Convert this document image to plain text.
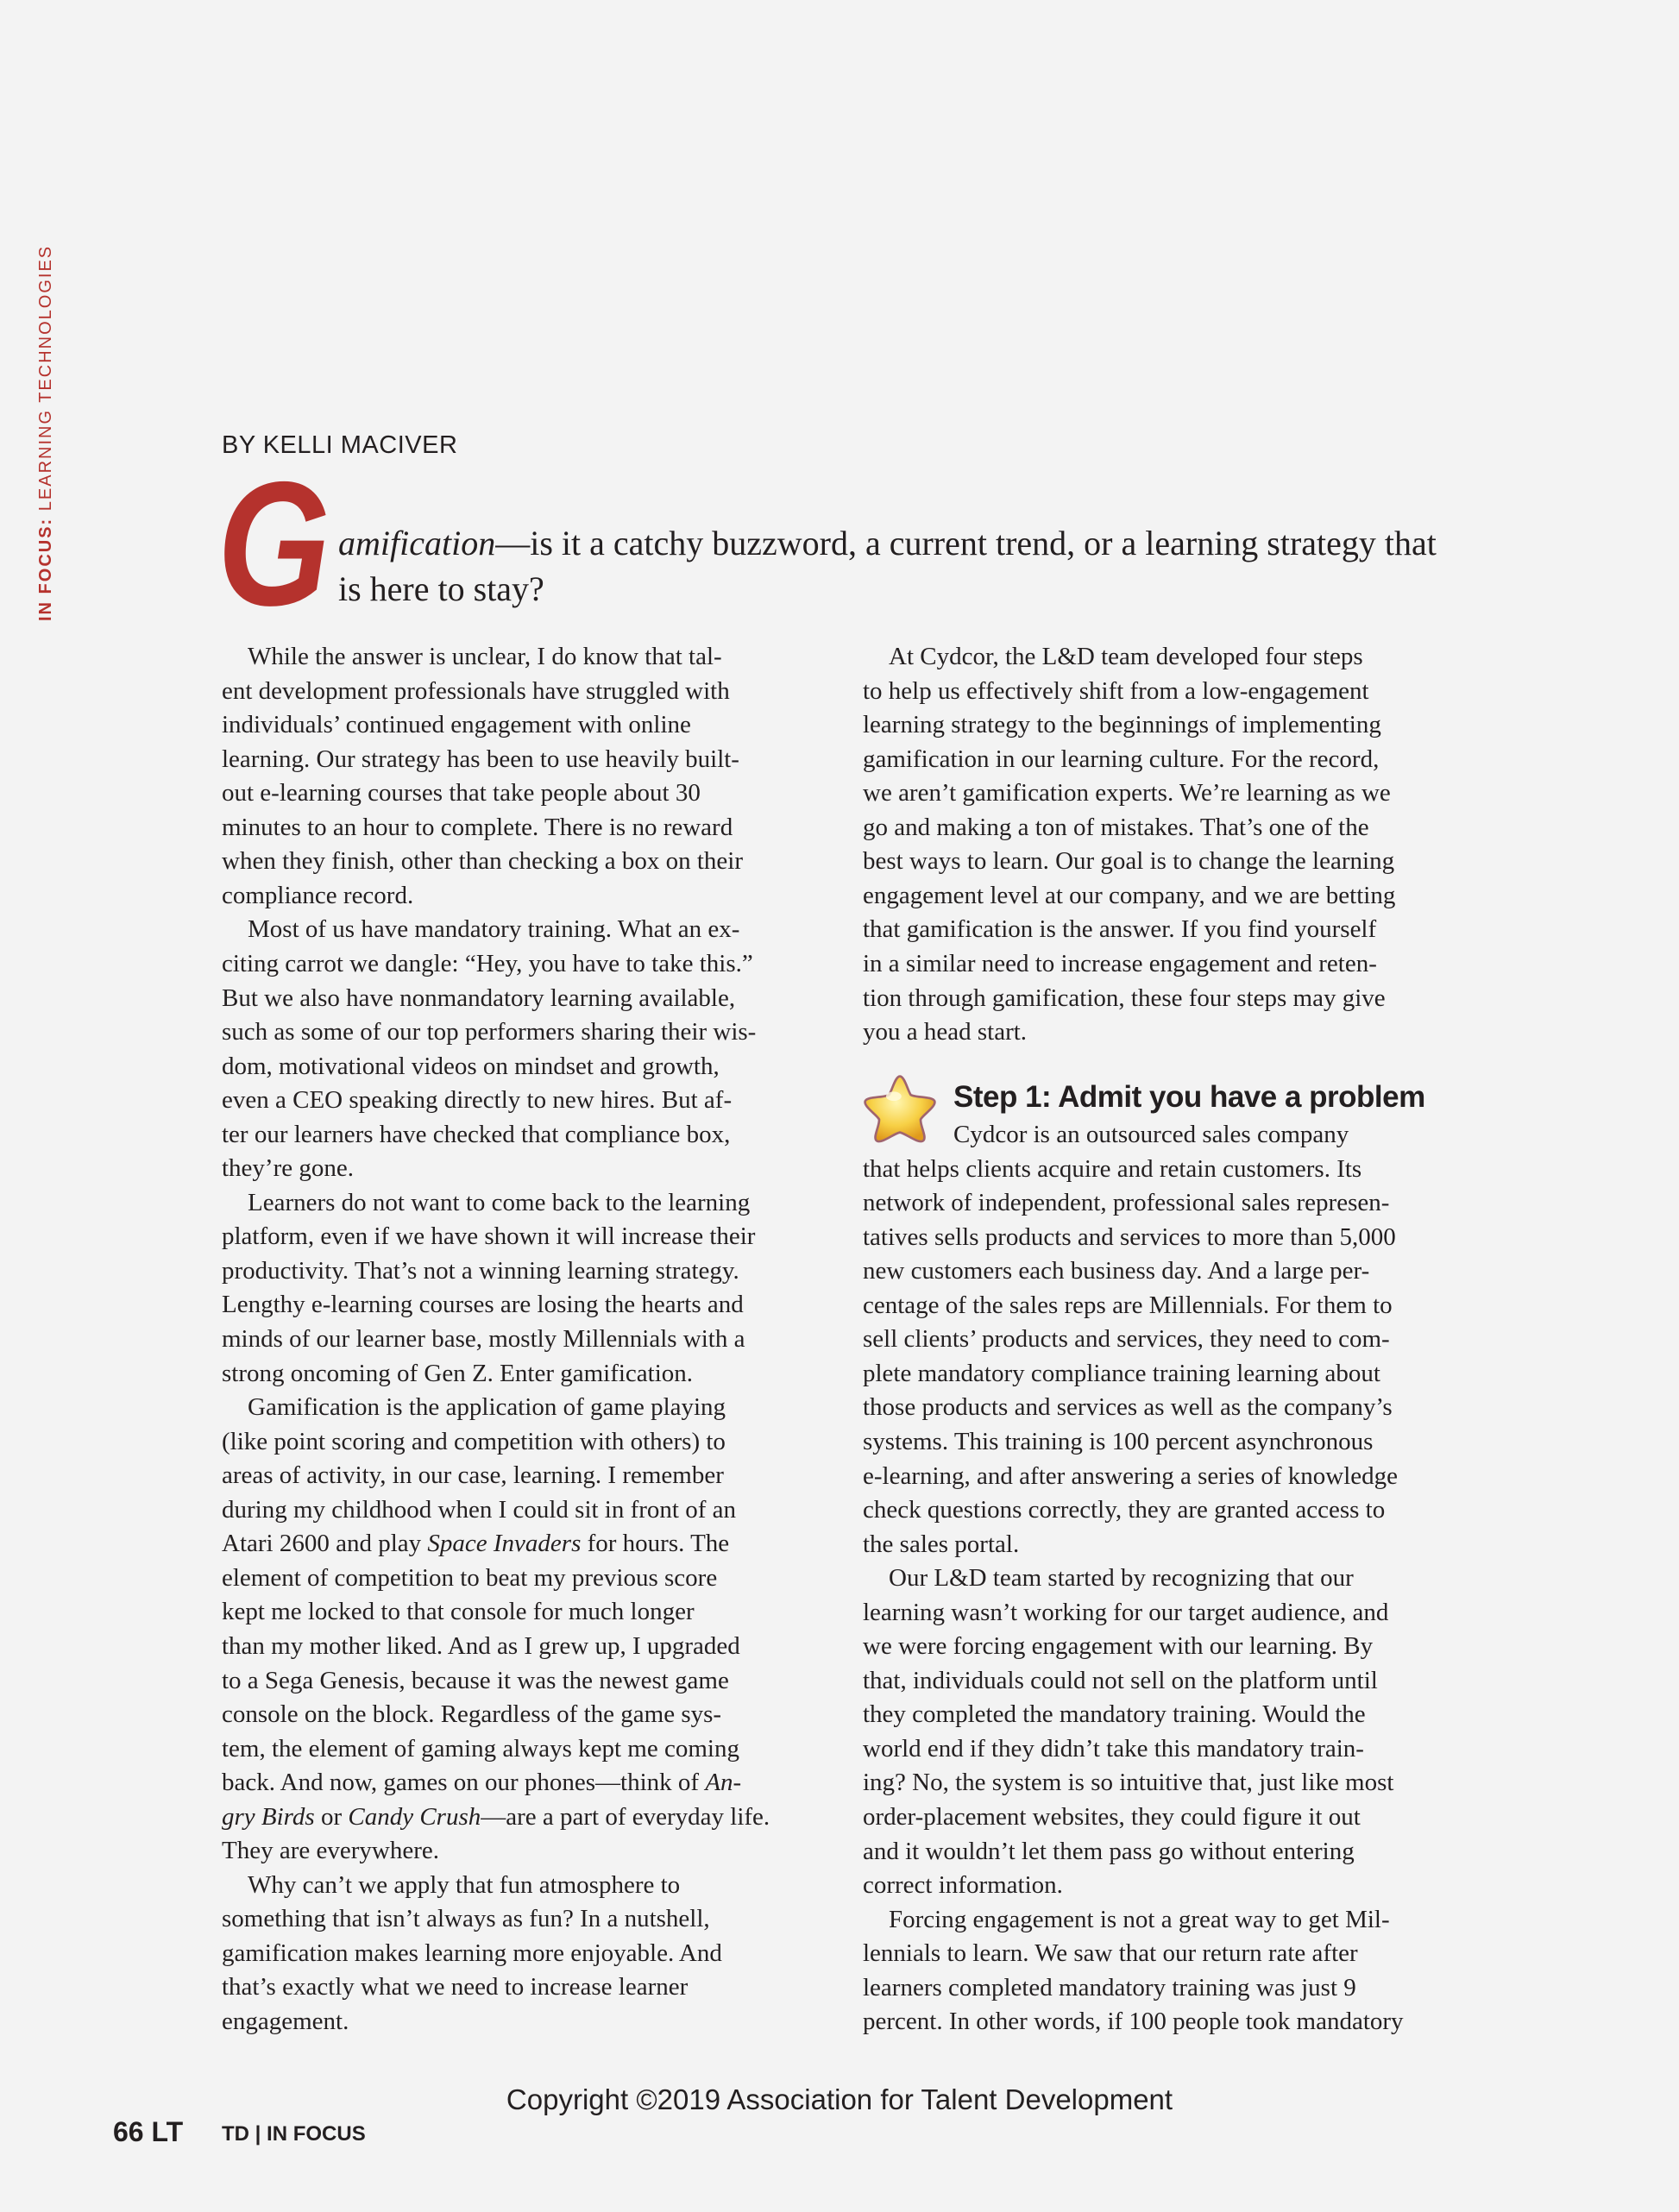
IN FOCUS: LEARNING TECHNOLOGIES	BY KELLI MACIVER
G amification—is it a catchy buzzword, a current trend, or a learning strategy that is here to stay?
While the answer is unclear, I do know that tal-
ent development professionals have struggled with
individuals’ continued engagement with online
learning. Our strategy has been to use heavily built-
out e-learning courses that take people about 30
minutes to an hour to complete. There is no reward
when they finish, other than checking a box on their
compliance record.
Most of us have mandatory training. What an ex-
citing carrot we dangle: “Hey, you have to take this.”
But we also have nonmandatory learning available,
such as some of our top performers sharing their wis-
dom, motivational videos on mindset and growth,
even a CEO speaking directly to new hires. But af-
ter our learners have checked that compliance box,
they’re gone.
Learners do not want to come back to the learning
platform, even if we have shown it will increase their
productivity. That’s not a winning learning strategy.
Lengthy e-learning courses are losing the hearts and
minds of our learner base, mostly Millennials with a
strong oncoming of Gen Z. Enter gamification.
Gamification is the application of game playing
(like point scoring and competition with others) to
areas of activity, in our case, learning. I remember
during my childhood when I could sit in front of an
Atari 2600 and play Space Invaders for hours. The
element of competition to beat my previous score
kept me locked to that console for much longer
than my mother liked. And as I grew up, I upgraded
to a Sega Genesis, because it was the newest game
console on the block. Regardless of the game sys-
tem, the element of gaming always kept me coming
back. And now, games on our phones—think of An-
gry Birds or Candy Crush—are a part of everyday life.
They are everywhere.
Why can’t we apply that fun atmosphere to
something that isn’t always as fun? In a nutshell,
gamification makes learning more enjoyable. And
that’s exactly what we need to increase learner
engagement.
At Cydcor, the L&D team developed four steps
to help us effectively shift from a low-engagement
learning strategy to the beginnings of implementing
gamification in our learning culture. For the record,
we aren’t gamification experts. We’re learning as we
go and making a ton of mistakes. That’s one of the
best ways to learn. Our goal is to change the learning
engagement level at our company, and we are betting
that gamification is the answer. If you find yourself
in a similar need to increase engagement and reten-
tion through gamification, these four steps may give
you a head start.
Step 1: Admit you have a problem
Cydcor is an outsourced sales company
that helps clients acquire and retain customers. Its
network of independent, professional sales represen-
tatives sells products and services to more than 5,000
new customers each business day. And a large per-
centage of the sales reps are Millennials. For them to
sell clients’ products and services, they need to com-
plete mandatory compliance training learning about
those products and services as well as the company’s
systems. This training is 100 percent asynchronous
e-learning, and after answering a series of knowledge
check questions correctly, they are granted access to
the sales portal.
Our L&D team started by recognizing that our
learning wasn’t working for our target audience, and
we were forcing engagement with our learning. By
that, individuals could not sell on the platform until
they completed the mandatory training. Would the
world end if they didn’t take this mandatory train-
ing? No, the system is so intuitive that, just like most
order-placement websites, they could figure it out
and it wouldn’t let them pass go without entering
correct information.
Forcing engagement is not a great way to get Mil-
lennials to learn. We saw that our return rate after
learners completed mandatory training was just 9
percent. In other words, if 100 people took mandatory
Copyright ©2019 Association for Talent Development
66 LT TD | IN FOCUS
